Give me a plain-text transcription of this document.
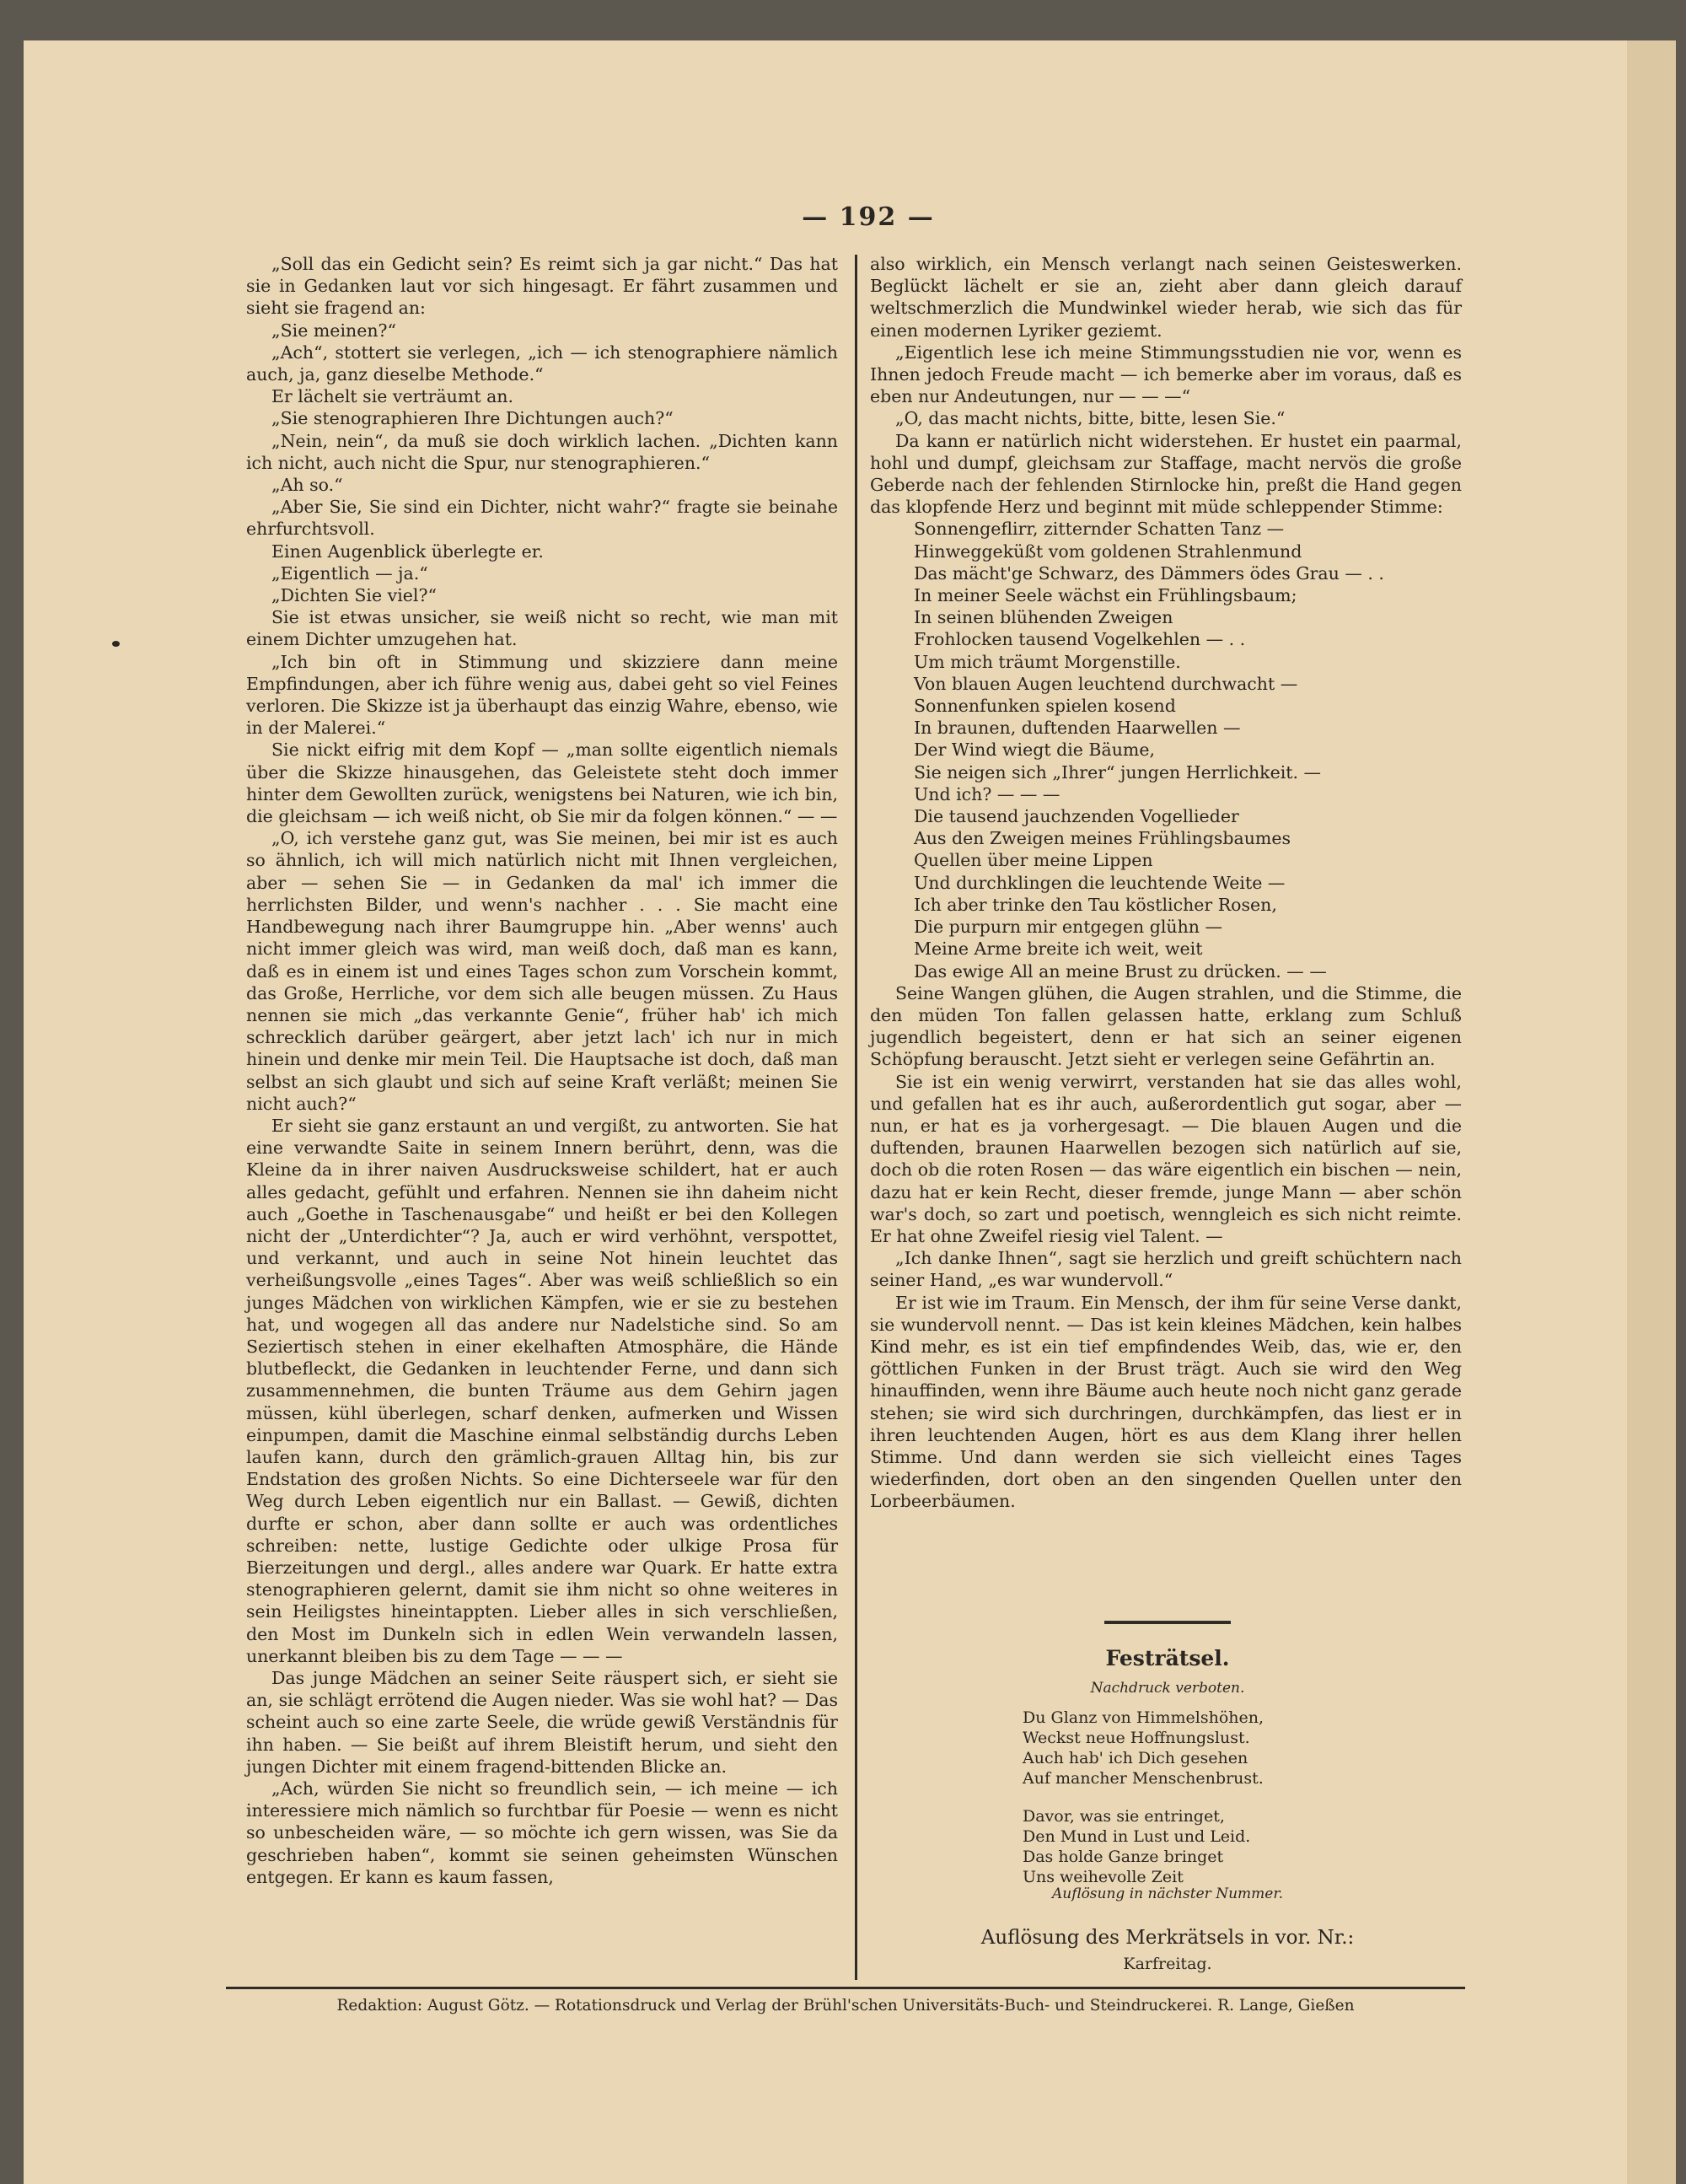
— 192 —

„Soll das ein Gedicht sein? Es reimt sich ja gar nicht.“ Das hat sie in Gedanken laut vor sich hingesagt. Er fährt zusammen und sieht sie fragend an:

„Sie meinen?“

„Ach“, stottert sie verlegen, „ich — ich stenographiere nämlich auch, ja, ganz dieselbe Methode.“

Er lächelt sie verträumt an.

„Sie stenographieren Ihre Dichtungen auch?“

„Nein, nein“, da muß sie doch wirklich lachen. „Dichten kann ich nicht, auch nicht die Spur, nur stenographieren.“

„Ah so.“

„Aber Sie, Sie sind ein Dichter, nicht wahr?“ fragte sie beinahe ehrfurchtsvoll.

Einen Augenblick überlegte er.

„Eigentlich — ja.“

„Dichten Sie viel?“

Sie ist etwas unsicher, sie weiß nicht so recht, wie man mit einem Dichter umzugehen hat.

„Ich bin oft in Stimmung und skizziere dann meine Empfindungen, aber ich führe wenig aus, dabei geht so viel Feines verloren. Die Skizze ist ja überhaupt das einzig Wahre, ebenso, wie in der Malerei.“

Sie nickt eifrig mit dem Kopf — „man sollte eigentlich niemals über die Skizze hinausgehen, das Geleistete steht doch immer hinter dem Gewollten zurück, wenigstens bei Naturen, wie ich bin, die gleichsam — ich weiß nicht, ob Sie mir da folgen können.“ — —

„O, ich verstehe ganz gut, was Sie meinen, bei mir ist es auch so ähnlich, ich will mich natürlich nicht mit Ihnen vergleichen, aber — sehen Sie — in Gedanken da mal' ich immer die herrlichsten Bilder, und wenn's nachher . . . Sie macht eine Handbewegung nach ihrer Baumgruppe hin. „Aber wenns' auch nicht immer gleich was wird, man weiß doch, daß man es kann, daß es in einem ist und eines Tages schon zum Vorschein kommt, das Große, Herrliche, vor dem sich alle beugen müssen. Zu Haus nennen sie mich „das verkannte Genie“, früher hab' ich mich schrecklich darüber geärgert, aber jetzt lach' ich nur in mich hinein und denke mir mein Teil. Die Hauptsache ist doch, daß man selbst an sich glaubt und sich auf seine Kraft verläßt; meinen Sie nicht auch?“

Er sieht sie ganz erstaunt an und vergißt, zu antworten. Sie hat eine verwandte Saite in seinem Innern berührt, denn, was die Kleine da in ihrer naiven Ausdrucksweise schildert, hat er auch alles gedacht, gefühlt und erfahren. Nennen sie ihn daheim nicht auch „Goethe in Taschenausgabe“ und heißt er bei den Kollegen nicht der „Unterdichter“? Ja, auch er wird verhöhnt, verspottet, und verkannt, und auch in seine Not hinein leuchtet das verheißungsvolle „eines Tages“. Aber was weiß schließlich so ein junges Mädchen von wirklichen Kämpfen, wie er sie zu bestehen hat, und wogegen all das andere nur Nadelstiche sind. So am Seziertisch stehen in einer ekelhaften Atmosphäre, die Hände blutbefleckt, die Gedanken in leuchtender Ferne, und dann sich zusammennehmen, die bunten Träume aus dem Gehirn jagen müssen, kühl überlegen, scharf denken, aufmerken und Wissen einpumpen, damit die Maschine einmal selbständig durchs Leben laufen kann, durch den grämlich-grauen Alltag hin, bis zur Endstation des großen Nichts. So eine Dichterseele war für den Weg durch Leben eigentlich nur ein Ballast. — Gewiß, dichten durfte er schon, aber dann sollte er auch was ordentliches schreiben: nette, lustige Gedichte oder ulkige Prosa für Bierzeitungen und dergl., alles andere war Quark. Er hatte extra stenographieren gelernt, damit sie ihm nicht so ohne weiteres in sein Heiligstes hineintappten. Lieber alles in sich verschließen, den Most im Dunkeln sich in edlen Wein verwandeln lassen, unerkannt bleiben bis zu dem Tage — — —

Das junge Mädchen an seiner Seite räuspert sich, er sieht sie an, sie schlägt errötend die Augen nieder. Was sie wohl hat? — Das scheint auch so eine zarte Seele, die wrüde gewiß Verständnis für ihn haben. — Sie beißt auf ihrem Bleistift herum, und sieht den jungen Dichter mit einem fragend-bittenden Blicke an.

„Ach, würden Sie nicht so freundlich sein, — ich meine — ich interessiere mich nämlich so furchtbar für Poesie — wenn es nicht so unbescheiden wäre, — so möchte ich gern wissen, was Sie da geschrieben haben“, kommt sie seinen geheimsten Wünschen entgegen. Er kann es kaum fassen,

also wirklich, ein Mensch verlangt nach seinen Geisteswerken. Beglückt lächelt er sie an, zieht aber dann gleich darauf weltschmerzlich die Mundwinkel wieder herab, wie sich das für einen modernen Lyriker geziemt.

„Eigentlich lese ich meine Stimmungsstudien nie vor, wenn es Ihnen jedoch Freude macht — ich bemerke aber im voraus, daß es eben nur Andeutungen, nur — — —“

„O, das macht nichts, bitte, bitte, lesen Sie.“

Da kann er natürlich nicht widerstehen. Er hustet ein paarmal, hohl und dumpf, gleichsam zur Staffage, macht nervös die große Geberde nach der fehlenden Stirnlocke hin, preßt die Hand gegen das klopfende Herz und beginnt mit müde schleppender Stimme:

Sonnengeflirr, zitternder Schatten Tanz —

Hinweggeküßt vom goldenen Strahlenmund

Das mächt'ge Schwarz, des Dämmers ödes Grau — . .

In meiner Seele wächst ein Frühlingsbaum;

In seinen blühenden Zweigen

Frohlocken tausend Vogelkehlen — . .

Um mich träumt Morgenstille.

Von blauen Augen leuchtend durchwacht —

Sonnenfunken spielen kosend

In braunen, duftenden Haarwellen —

Der Wind wiegt die Bäume,

Sie neigen sich „Ihrer“ jungen Herrlichkeit. —

Und ich? — — —

Die tausend jauchzenden Vogellieder

Aus den Zweigen meines Frühlingsbaumes

Quellen über meine Lippen

Und durchklingen die leuchtende Weite —

Ich aber trinke den Tau köstlicher Rosen,

Die purpurn mir entgegen glühn —

Meine Arme breite ich weit, weit

Das ewige All an meine Brust zu drücken. — —

Seine Wangen glühen, die Augen strahlen, und die Stimme, die den müden Ton fallen gelassen hatte, erklang zum Schluß jugendlich begeistert, denn er hat sich an seiner eigenen Schöpfung berauscht. Jetzt sieht er verlegen seine Gefährtin an.

Sie ist ein wenig verwirrt, verstanden hat sie das alles wohl, und gefallen hat es ihr auch, außerordentlich gut sogar, aber — nun, er hat es ja vorhergesagt. — Die blauen Augen und die duftenden, braunen Haarwellen bezogen sich natürlich auf sie, doch ob die roten Rosen — das wäre eigentlich ein bischen — nein, dazu hat er kein Recht, dieser fremde, junge Mann — aber schön war's doch, so zart und poetisch, wenngleich es sich nicht reimte. Er hat ohne Zweifel riesig viel Talent. —

„Ich danke Ihnen“, sagt sie herzlich und greift schüchtern nach seiner Hand, „es war wundervoll.“

Er ist wie im Traum. Ein Mensch, der ihm für seine Verse dankt, sie wundervoll nennt. — Das ist kein kleines Mädchen, kein halbes Kind mehr, es ist ein tief empfindendes Weib, das, wie er, den göttlichen Funken in der Brust trägt. Auch sie wird den Weg hinauffinden, wenn ihre Bäume auch heute noch nicht ganz gerade stehen; sie wird sich durchringen, durchkämpfen, das liest er in ihren leuchtenden Augen, hört es aus dem Klang ihrer hellen Stimme. Und dann werden sie sich vielleicht eines Tages wiederfinden, dort oben an den singenden Quellen unter den Lorbeerbäumen.

Festrätsel.
Nachdruck verboten.
Du Glanz von Himmelshöhen,
Weckst neue Hoffnungslust.
Auch hab' ich Dich gesehen
Auf mancher Menschenbrust.
Davor, was sie entringet,
Den Mund in Lust und Leid.
Das holde Ganze bringet
Uns weihevolle Zeit
Auflösung in nächster Nummer.
Auflösung des Merkrätsels in vor. Nr.:
Karfreitag.
Redaktion: August Götz. — Rotationsdruck und Verlag der Brühl'schen Universitäts-Buch- und Steindruckerei. R. Lange, Gießen
